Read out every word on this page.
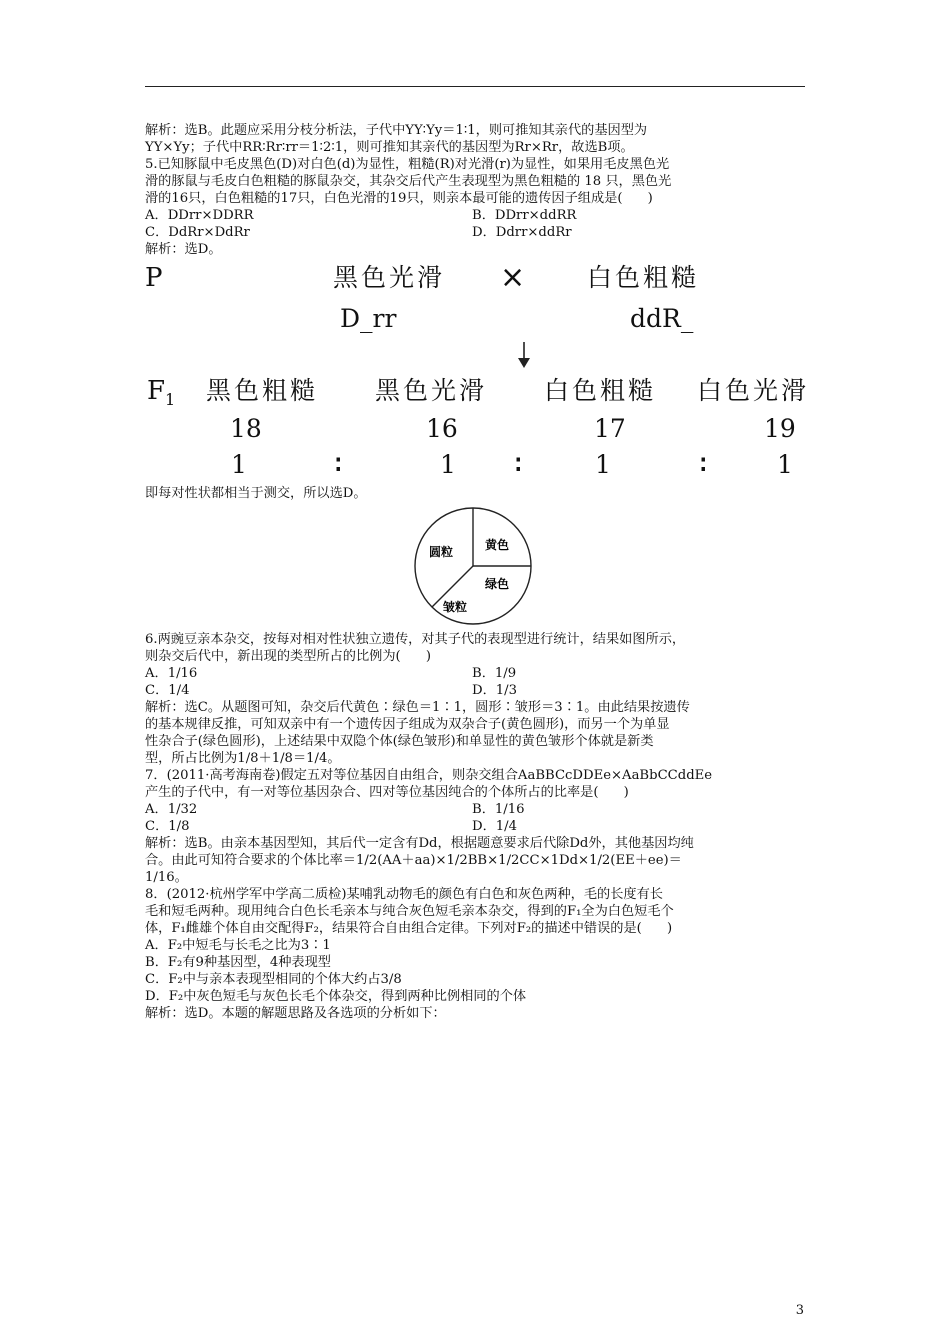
解析：选B。此题应采用分枝分析法，子代中YY∶Yy＝1∶1，则可推知其亲代的基因型为
YY×Yy；子代中RR∶Rr∶rr＝1∶2∶1，则可推知其亲代的基因型为Rr×Rr，故选B项。
5.已知豚鼠中毛皮黑色(D)对白色(d)为显性，粗糙(R)对光滑(r)为显性，如果用毛皮黑色光
滑的豚鼠与毛皮白色粗糙的豚鼠杂交，其杂交后代产生表现型为黑色粗糙的 18 只，黑色光
滑的16只，白色粗糙的17只，白色光滑的19只，则亲本最可能的遗传因子组成是(      )
A．DDrr×DDRR	B．DDrr×ddRR
C．DdRr×DdRr	D．Ddrr×ddRr
解析：选D。
P	黑色光滑 × 白色粗糙
D_rr	ddR_
$F_1$ 黑色粗糙 黑色光滑 白色粗糙 白色光滑
18	16	17	19
1	∶	1 ∶	1	∶	1
即每对性状都相当于测交，所以选D。
圆粒	黄色
绿色
皱粒
6.两豌豆亲本杂交，按每对相对性状独立遗传，对其子代的表现型进行统计，结果如图所示，
则杂交后代中，新出现的类型所占的比例为(      )
A．1/16	B．1/9
C．1/4	D．1/3
解析：选C。从题图可知，杂交后代黄色∶绿色＝1∶1，圆形∶皱形＝3∶1。由此结果按遗传
的基本规律反推，可知双亲中有一个遗传因子组成为双杂合子(黄色圆形)，而另一个为单显
性杂合子(绿色圆形)，上述结果中双隐个体(绿色皱形)和单显性的黄色皱形个体就是新类
型，所占比例为1/8＋1/8＝1/4。
7．(2011·高考海南卷)假定五对等位基因自由组合，则杂交组合AaBBCcDDEe×AaBbCCddEe
产生的子代中，有一对等位基因杂合、四对等位基因纯合的个体所占的比率是(      )
A．1/32	B．1/16
C．1/8	D．1/4
解析：选B。由亲本基因型知，其后代一定含有Dd，根据题意要求后代除Dd外，其他基因均纯
合。由此可知符合要求的个体比率＝1/2(AA＋aa)×1/2BB×1/2CC×1Dd×1/2(EE＋ee)＝
1/16。
8．(2012·杭州学军中学高二质检)某哺乳动物毛的颜色有白色和灰色两种，毛的长度有长
毛和短毛两种。现用纯合白色长毛亲本与纯合灰色短毛亲本杂交，得到的F₁全为白色短毛个
体，F₁雌雄个体自由交配得F₂，结果符合自由组合定律。下列对F₂的描述中错误的是(      )
A．F₂中短毛与长毛之比为3∶1
B．F₂有9种基因型，4种表现型
C．F₂中与亲本表现型相同的个体大约占3/8
D．F₂中灰色短毛与灰色长毛个体杂交，得到两种比例相同的个体
解析：选D。本题的解题思路及各选项的分析如下：
3
